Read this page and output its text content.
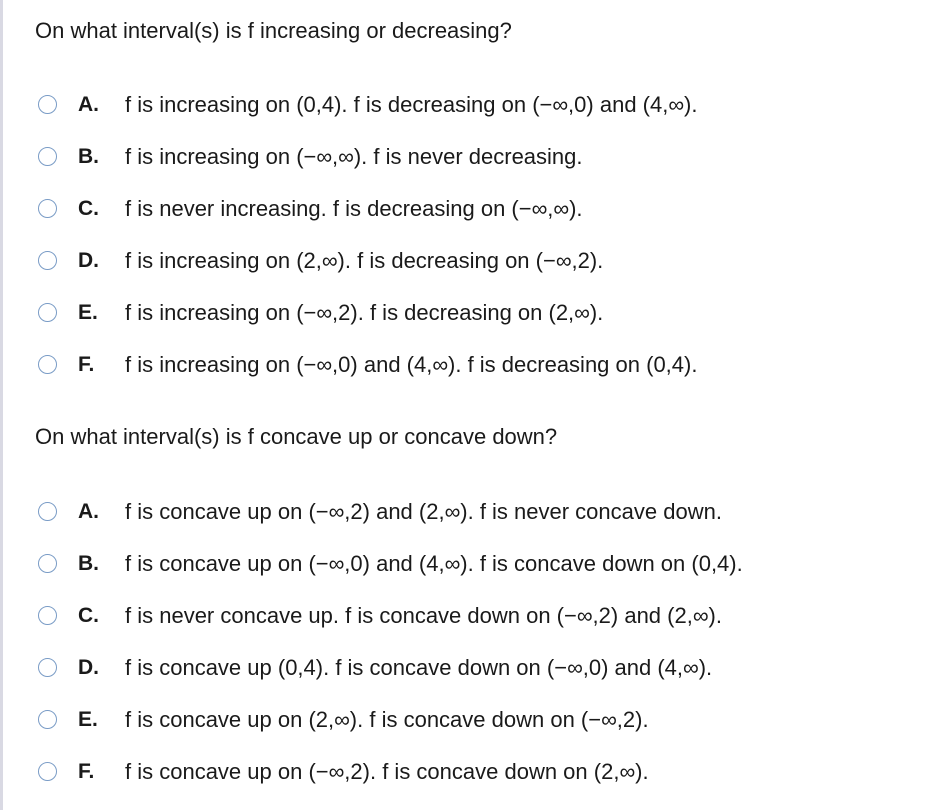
On what interval(s) is f increasing or decreasing?
A.	f is increasing on (0,4). f is decreasing on (−∞,0) and (4,∞).
B.	f is increasing on (−∞,∞). f is never decreasing.
C.	f is never increasing. f is decreasing on (−∞,∞).
D.	f is increasing on (2,∞). f is decreasing on (−∞,2).
E.	f is increasing on (−∞,2). f is decreasing on (2,∞).
F.	f is increasing on (−∞,0) and (4,∞). f is decreasing on (0,4).
On what interval(s) is f concave up or concave down?
A.	f is concave up on (−∞,2) and (2,∞). f is never concave down.
B.	f is concave up on (−∞,0) and (4,∞). f is concave down on (0,4).
C.	f is never concave up. f is concave down on (−∞,2) and (2,∞).
D.	f is concave up (0,4). f is concave down on (−∞,0) and (4,∞).
E.	f is concave up on (2,∞). f is concave down on (−∞,2).
F.	f is concave up on (−∞,2). f is concave down on (2,∞).
